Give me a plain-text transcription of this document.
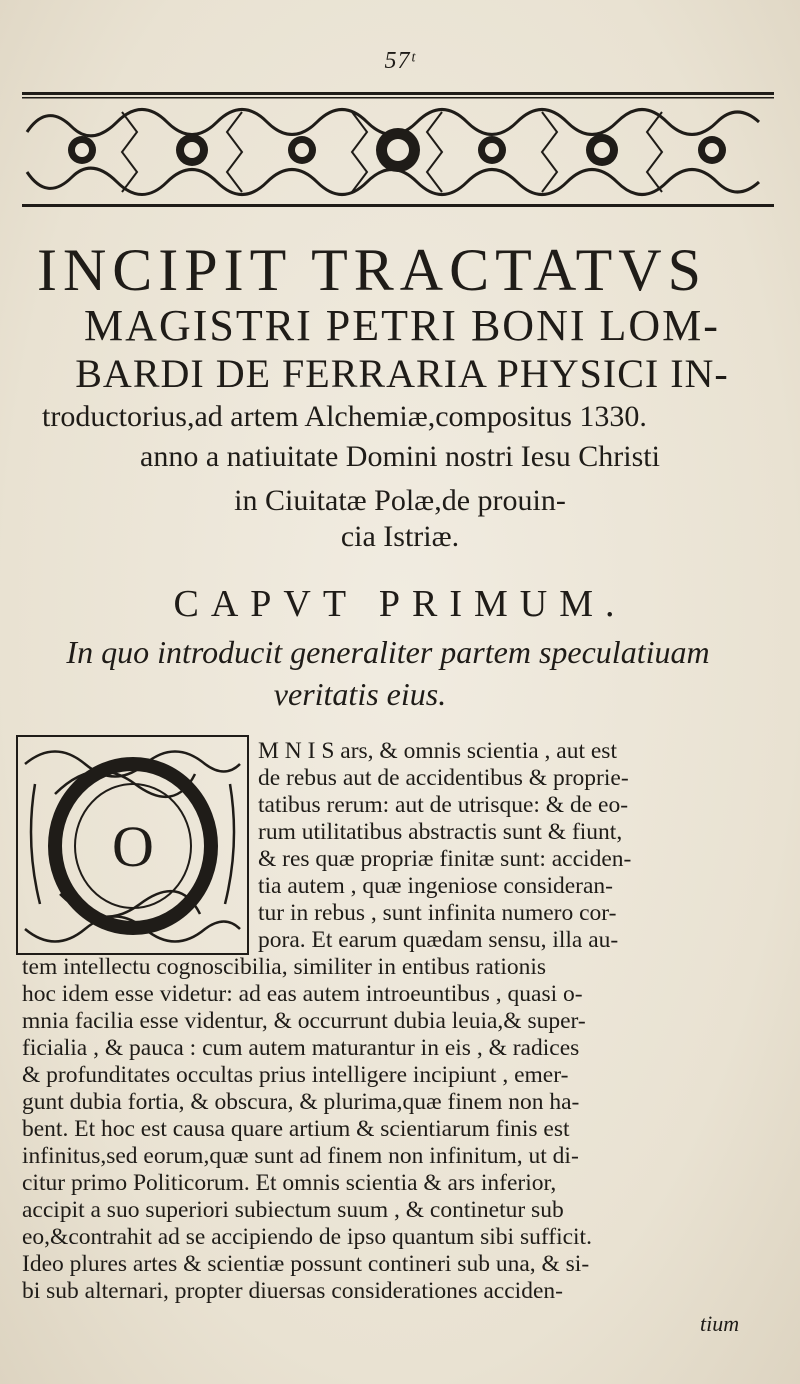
57ᵗ
INCIPIT TRACTATVS
MAGISTRI PETRI BONI LOM-
BARDI DE FERRARIA PHYSICI IN-
troductorius,ad artem Alchemiæ,compositus 1330.
anno a natiuitate Domini nostri Iesu Christi
in Ciuitatæ Polæ,de prouin-
cia Istriæ.
CAPVT PRIMUM.
In quo introducit generaliter partem speculatiuam
veritatis eius.
O
M N I S ars, & omnis scientia , aut est
de rebus aut de accidentibus & proprie-
tatibus rerum: aut de utrisque: & de eo-
rum utilitatibus abstractis sunt & fiunt,
& res quæ propriæ finitæ sunt: acciden-
tia autem , quæ ingeniose consideran-
tur in rebus , sunt infinita numero cor-
pora. Et earum quædam sensu, illa au-
tem intellectu cognoscibilia, similiter in entibus rationis
hoc idem esse videtur: ad eas autem introeuntibus , quasi o-
mnia facilia esse videntur, & occurrunt dubia leuia,& super-
ficialia , & pauca : cum autem maturantur in eis , & radices
& profunditates occultas prius intelligere incipiunt , emer-
gunt dubia fortia, & obscura, & plurima,quæ finem non ha-
bent. Et hoc est causa quare artium & scientiarum finis est
infinitus,sed eorum,quæ sunt ad finem non infinitum, ut di-
citur primo Politicorum. Et omnis scientia & ars inferior,
accipit a suo superiori subiectum suum , & continetur sub
eo,&contrahit ad se accipiendo de ipso quantum sibi sufficit.
Ideo plures artes & scientiæ possunt contineri sub una, & si-
bi sub alternari, propter diuersas considerationes acciden-
tium
